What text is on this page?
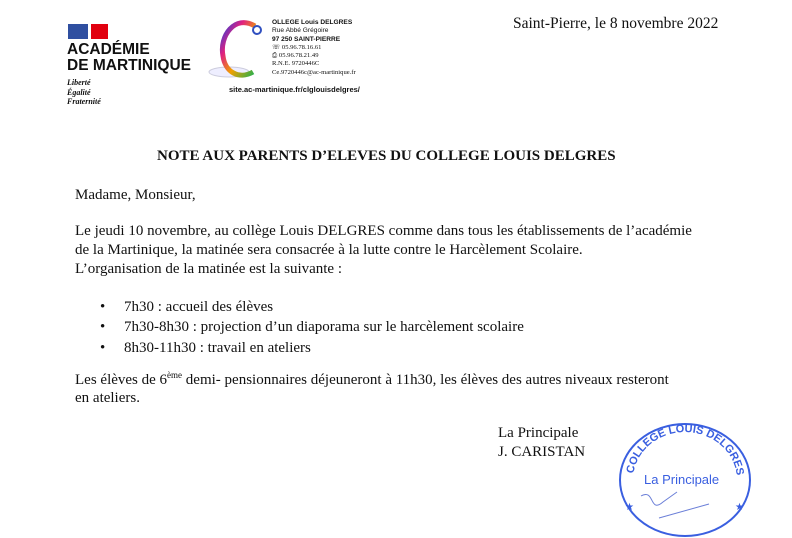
ACADÉMIE
DE MARTINIQUE
Liberté
Égalité
Fraternité
OLLEGE Louis DELGRES
Rue Abbé Grégoire
97 250 SAINT-PIERRE
☏ 05.96.78.16.61
⎙ 05.96.78.21.49
R.N.E. 9720446C
Ce.9720446c@ac-martinique.fr
site.ac-martinique.fr/clglouisdelgres/
Saint-Pierre, le 8 novembre 2022
NOTE AUX PARENTS D’ELEVES DU COLLEGE LOUIS DELGRES
Madame, Monsieur,
Le jeudi 10 novembre, au collège Louis DELGRES comme dans tous les établissements de l’académie
de la Martinique, la matinée sera consacrée à la lutte contre le Harcèlement Scolaire.
L’organisation de la matinée est la suivante :
• 7h30 : accueil des élèves
• 7h30-8h30 : projection d’un diaporama sur le harcèlement scolaire
• 8h30-11h30 : travail en ateliers
Les élèves de 6ème demi- pensionnaires déjeuneront à 11h30, les élèves des autres niveaux resteront
en ateliers.
COLLEGE LOUIS DELGRES
La Principale
★	★
La Principale
J. CARISTAN
